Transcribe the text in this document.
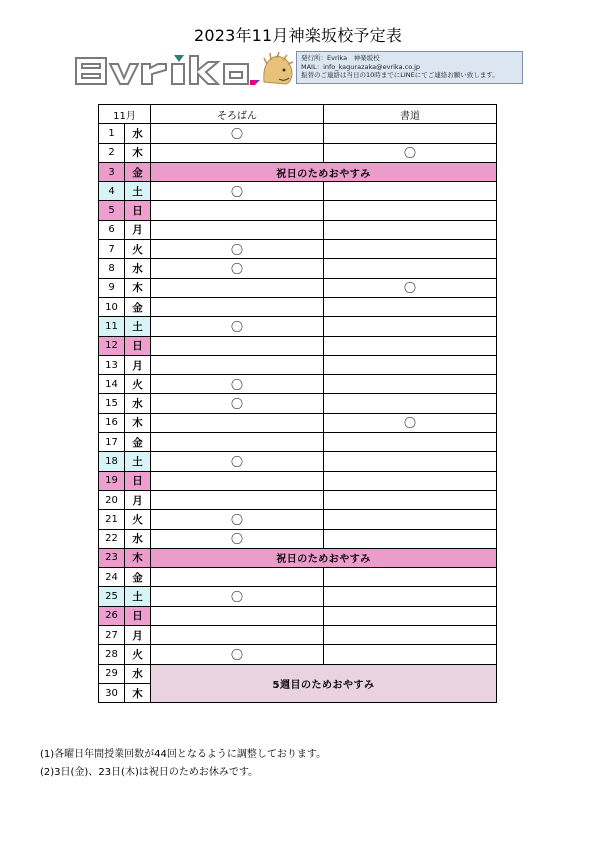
2023年11月神楽坂校予定表
発行所：Evrika　神楽坂校
MAIL：info_kagurazaka@evrika.co.jp
振替のご連絡は当日の10時までにLINEにてご連絡お願い致します。
11月		そろばん	書道
1	水	〇	
2	木		〇
3	金	祝日のためおやすみ	
4	土	〇	
5	日		
6	月		
7	火	〇	
8	水	〇	
9	木		〇
10	金		
11	土	〇	
12	日		
13	月		
14	火	〇	
15	水	〇	
16	木		〇
17	金		
18	土	〇	
19	日		
20	月		
21	火	〇	
22	水	〇	
23	木	祝日のためおやすみ	
24	金		
25	土	〇	
26	日		
27	月		
28	火	〇	
29	水	5週目のためおやすみ	
30	木		
(1)各曜日年間授業回数が44回となるように調整しております。
(2)3日(金)、23日(木)は祝日のためお休みです。
